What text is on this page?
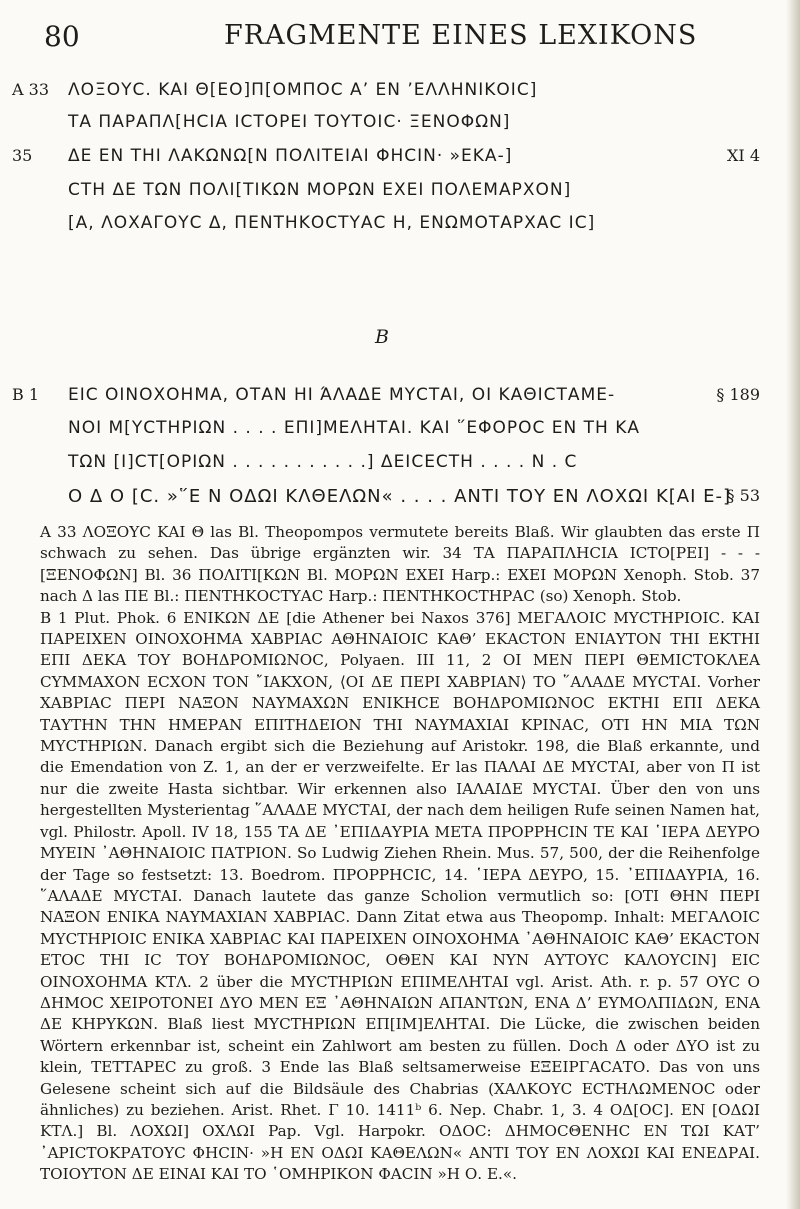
80	FRAGMENTE EINES LEXIKONS
A 33 ΛΟΞΟΥϹ. ΚΑΙ Θ[ΕΟ]Π[ΟΜΠΟϹ Α’ ΕΝ ’ΕΛΛΗΝΙΚΟΙϹ]
ΤΑ ΠΑΡΑΠΛ[ΗϹΙΑ ΙϹΤΟΡΕΙ ΤΟΥΤΟΙϹ· ΞΕΝΟΦΩΝ]
35 ΔΕ ΕΝ ΤΗΙ ΛΑΚΩΝΩ[Ν ΠΟΛΙΤΕΙΑΙ ΦΗϹΙΝ· »ΕΚΑ-]	XI 4
ϹΤΗ ΔΕ ΤΩΝ ΠΟΛΙ[ΤΙΚΩΝ ΜΟΡΩΝ ΕΧΕΙ ΠΟΛΕΜΑΡΧΟΝ]
[Α, ΛΟΧΑΓΟΥϹ Δ, ΠΕΝΤΗΚΟϹΤΥΑϹ Η, ΕΝΩΜΟΤΑΡΧΑϹ ΙϹ]
B
B 1 ΕΙϹ ΟΙΝΟΧΟΗΜΑ, ΟΤΑΝ ΗΙ ΆΛΑΔΕ ΜΥϹΤΑΙ, ΟΙ ΚΑΘΙϹΤΑΜΕ-	§ 189
ΝΟΙ Μ[ΥϹΤΗΡΙΩΝ . . . . ΕΠΙ]ΜΕΛΗΤΑΙ. ΚΑΙ ῞ΕΦΟΡΟϹ ΕΝ ΤΗ ΚΑ
ΤΩΝ [Ι]ϹΤ[ΟΡΙΩΝ . . . . . . . . . . .] ΔΕΙϹΕϹΤΗ . . . . Ν . Ϲ
Ο Δ Ο [Ϲ. »῞Ε Ν ΟΔΩΙ ΚΛΘΕΛΩΝ« . . . . ΑΝΤΙ ΤΟΥ ΕΝ ΛΟΧΩΙ Κ[ΑΙ Ε-]
§ 53

A 33 ΛΟΞΟΥϹ ΚΑΙ Θ las Bl. Theopompos vermutete bereits Blaß. Wir glaubten das erste Π schwach zu sehen. Das übrige ergänzten wir. 34 ΤΑ ΠΑΡΑΠΛΗϹΙΑ ΙϹΤΟ[ΡΕΙ] - - - [ΞΕΝΟΦΩΝ] Bl. 36 ΠΟΛΙΤΙ[ΚΩΝ Bl. ΜΟΡΩΝ ΕΧΕΙ Harp.: ΕΧΕΙ ΜΟΡΩΝ Xenoph. Stob. 37 nach Δ las ΠΕ Bl.: ΠΕΝΤΗΚΟϹΤΥΑϹ Harp.: ΠΕΝΤΗΚΟϹΤΗΡΑϹ (so) Xenoph. Stob.

B 1 Plut. Phok. 6 ΕΝΙΚΩΝ ΔΕ [die Athener bei Naxos 376] ΜΕΓΑΛΟΙϹ ΜΥϹΤΗΡΙΟΙϹ. ΚΑΙ ΠΑΡΕΙΧΕΝ ΟΙΝΟΧΟΗΜΑ ΧΑΒΡΙΑϹ ΑΘΗΝΑΙΟΙϹ ΚΑΘ’ ΕΚΑϹΤΟΝ ΕΝΙΑΥΤΟΝ ΤΗΙ ΕΚΤΗΙ ΕΠΙ ΔΕΚΑ ΤΟΥ ΒΟΗΔΡΟΜΙΩΝΟϹ, Polyaen. III 11, 2 ΟΙ ΜΕΝ ΠΕΡΙ ΘΕΜΙϹΤΟΚΛΕΑ ϹΥΜΜΑΧΟΝ ΕϹΧΟΝ ΤΟΝ ῎ΙΑΚΧΟΝ, ⟨ΟΙ ΔΕ ΠΕΡΙ ΧΑΒΡΙΑΝ⟩ ΤΟ ῞ΑΛΑΔΕ ΜΥϹΤΑΙ. Vorher ΧΑΒΡΙΑϹ ΠΕΡΙ ΝΑΞΟΝ ΝΑΥΜΑΧΩΝ ΕΝΙΚΗϹΕ ΒΟΗΔΡΟΜΙΩΝΟϹ ΕΚΤΗΙ ΕΠΙ ΔΕΚΑ ΤΑΥΤΗΝ ΤΗΝ ΗΜΕΡΑΝ ΕΠΙΤΗΔΕΙΟΝ ΤΗΙ ΝΑΥΜΑΧΙΑΙ ΚΡΙΝΑϹ, ΟΤΙ ΗΝ ΜΙΑ ΤΩΝ ΜΥϹΤΗΡΙΩΝ. Danach ergibt sich die Beziehung auf Aristokr. 198, die Blaß erkannte, und die Emendation von Z. 1, an der er verzweifelte. Er las ΠΑΛΑΙ ΔΕ ΜΥϹΤΑΙ, aber von Π ist nur die zweite Hasta sichtbar. Wir erkennen also ΙΑΛΑΙΔΕ ΜΥϹΤΑΙ. Über den von uns hergestellten Mysterientag ῞ΑΛΑΔΕ ΜΥϹΤΑΙ, der nach dem heiligen Rufe seinen Namen hat, vgl. Philostr. Apoll. IV 18, 155 ΤΑ ΔΕ ᾿ΕΠΙΔΑΥΡΙΑ ΜΕΤΑ ΠΡΟΡΡΗϹΙΝ ΤΕ ΚΑΙ ῾ΙΕΡΑ ΔΕΥΡΟ ΜΥΕΙΝ ᾿ΑΘΗΝΑΙΟΙϹ ΠΑΤΡΙΟΝ. So Ludwig Ziehen Rhein. Mus. 57, 500, der die Reihenfolge der Tage so festsetzt: 13. Boedrom. ΠΡΟΡΡΗϹΙϹ, 14. ῾ΙΕΡΑ ΔΕΥΡΟ, 15. ᾿ΕΠΙΔΑΥΡΙΑ, 16. ῞ΑΛΑΔΕ ΜΥϹΤΑΙ. Danach lautete das ganze Scholion vermutlich so: [ΟΤΙ ΘΗΝ ΠΕΡΙ ΝΑΞΟΝ ΕΝΙΚΑ ΝΑΥΜΑΧΙΑΝ ΧΑΒΡΙΑϹ. Dann Zitat etwa aus Theopomp. Inhalt: ΜΕΓΑΛΟΙϹ ΜΥϹΤΗΡΙΟΙϹ ΕΝΙΚΑ ΧΑΒΡΙΑϹ ΚΑΙ ΠΑΡΕΙΧΕΝ ΟΙΝΟΧΟΗΜΑ ᾿ΑΘΗΝΑΙΟΙϹ ΚΑΘ’ ΕΚΑϹΤΟΝ ΕΤΟϹ ΤΗΙ ΙϹ ΤΟΥ ΒΟΗΔΡΟΜΙΩΝΟϹ, ΟΘΕΝ ΚΑΙ ΝΥΝ ΑΥΤΟΥϹ ΚΑΛΟΥϹΙΝ] ΕΙϹ ΟΙΝΟΧΟΗΜΑ ΚΤΛ. 2 über die ΜΥϹΤΗΡΙΩΝ ΕΠΙΜΕΛΗΤΑΙ vgl. Arist. Ath. r. p. 57 ΟΥϹ Ο ΔΗΜΟϹ ΧΕΙΡΟΤΟΝΕΙ ΔΥΟ ΜΕΝ ΕΞ ᾿ΑΘΗΝΑΙΩΝ ΑΠΑΝΤΩΝ, ΕΝΑ Δ’ ΕΥΜΟΛΠΙΔΩΝ, ΕΝΑ ΔΕ ΚΗΡΥΚΩΝ. Blaß liest ΜΥϹΤΗΡΙΩΝ ΕΠ[ΙΜ]ΕΛΗΤΑΙ. Die Lücke, die zwischen beiden Wörtern erkennbar ist, scheint ein Zahlwort am besten zu füllen. Doch Δ oder ΔΥΟ ist zu klein, ΤΕΤΤΑΡΕϹ zu groß. 3 Ende las Blaß seltsamerweise ΕΞΕΙΡΓΑϹΑΤΟ. Das von uns Gelesene scheint sich auf die Bildsäule des Chabrias (ΧΑΛΚΟΥϹ ΕϹΤΗΛΩΜΕΝΟϹ oder ähnliches) zu beziehen. Arist. Rhet. Γ 10. 1411ᵇ 6. Nep. Chabr. 1, 3. 4 ΟΔ[ΟϹ]. ΕΝ [ΟΔΩΙ ΚΤΛ.] Bl. ΛΟΧΩΙ] ΟΧΛΩΙ Pap. Vgl. Harpokr. ΟΔΟϹ: ΔΗΜΟϹΘΕΝΗϹ ΕΝ ΤΩΙ ΚΑΤ’ ᾿ΑΡΙϹΤΟΚΡΑΤΟΥϹ ΦΗϹΙΝ· »Η ΕΝ ΟΔΩΙ ΚΑΘΕΛΩΝ« ΑΝΤΙ ΤΟΥ ΕΝ ΛΟΧΩΙ ΚΑΙ ΕΝΕΔΡΑΙ. ΤΟΙΟΥΤΟΝ ΔΕ ΕΙΝΑΙ ΚΑΙ ΤΟ ῾ΟΜΗΡΙΚΟΝ ΦΑϹΙΝ »Η Ο. Ε.«.
